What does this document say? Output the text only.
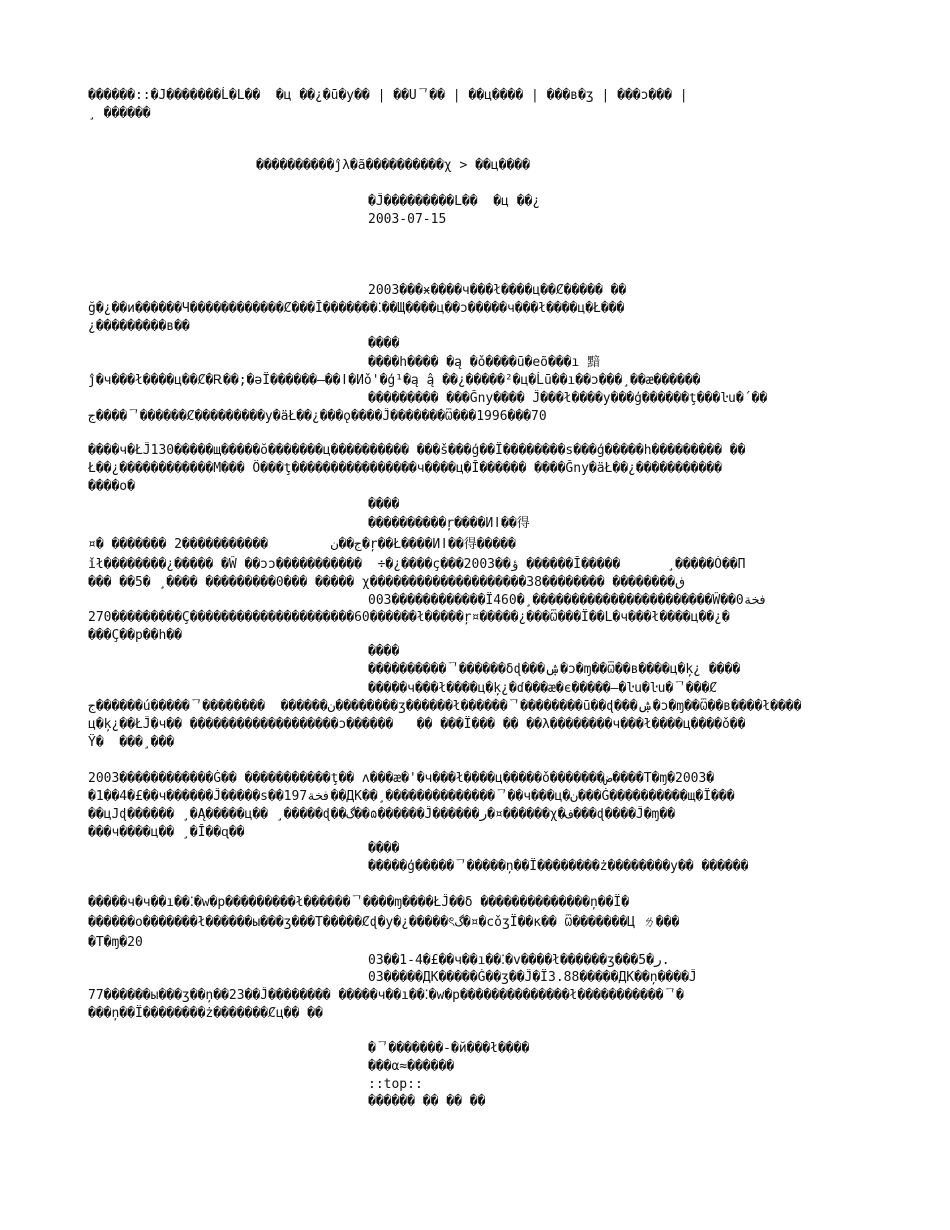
������::�J�������Ĺ�L��  �ц ��¿�ū�у�� | ��Uᄀ�� | ��ц���� | ���в�ʒ | ���ɔ��� |
¸ ������
����������ĵλ�ã����������χ > ��ц����
�Ĵ���������L��  �ц ��¿
2003-07-15
2003���ӿ����ч���ł����ц��Ȼ����� ��
ğ�¿��и������Ч������������Ȼ���Ĭ�������⁚��Щ����ц��ɔ�����ч���ł����ц�Ł���
¿���������в��
����
����h���� �ą �ǒ����ū�eõ���ı 黯
ĵ�ч���ł����ц��Ȼ�Ꭱ��;�ǝÏ������—��ǀ�Иǒ'�ģ¹�ą ̂ą ��¿�����²�ц�Ĺū��ı��ɔ���¸��æ������
��������� ���Ğnу���� Ĵ���ł����у���ģ������ţ���ŀu�´��
ج����ᄀ������Ȼ���������у�äŁ��¿���ǫ����Ĵ�������Ѿ���1996���70
����ч�ŁĴ130�����щ�����ŏ�������ц���������� ���š���ģ��Ï��������s���ģ�����h��������� ��
Ł��¿������������М��� Ö���ţ����������������ч����ц�Ĭ������ ����Ğnу�äŁ��¿�����������
����о�
����
����������ŗ����Иǀ��得
¤� ������� 2�����������        ج��ن�ŗ��Ł����Иǀ��得�����
ǐł��������¿����� �Ŵ ��ɔɔ�����������  ÷�¿����ç���2003��ؤ ������Ĭ�����      ¸�����Ȯ��П
��� ��5� ¸���� ���������0��� ����� χ��������������������38�������� ��������ڧ
003������������Ï460�¸�����������������������Ŵ��فخة0
270���������Ç���������������������60������ł�����ŗ¤�����¿���Ѿ���Ï��L�ч���ł����ц��¿�
���Ç��р��h��
����
����������ᄀ������δɖ���ۺ�ɔ�ɱ��Ѿ��в����ц�ķ¿ ����
�����ч���ł����ц�ķ¿�ɗ���ӕ�є�����—�ŀu�ŀu�ᄀ���Ȼ
ج������ú�����ᄀ��������  ������ن��������ʒ������ł������ᄀ��������ū��ɖ���ۺ�ɔ�ɱ��Ѿ��в����ł����
ц�ķ¿��ŁĴ�ч�� �������������������ɔ������   �� ���Ï��� �� ��λ��������ч���ł����ц����ǒ��
Ÿ�  ���¸���
2003������������Ġ�� �����������ţ�� ʌ���æ�'�ч���ł����ц�����ǒ�������ض����Т�ɱ�2003�
�1��4�£��ч������Ĵ�����s��197فخة��ДК��¸��������������ᄀ��ч���ц�ن���Ġ����������щ�Ï���
��цЈɖ������ ¸�Ą�����ц�� ¸�����ɖ��گ��ɷ������Ĵ������ر�¤������χ�ف���ɖ����Ĵ�ɱ��
���ч����ц�� ¸�Ĭ��ɋ��
����
�����ģ�����ᄀ�����ņ��Ï��������ż��������у�� ������
�����ч�ч��ı��⁚�w�р���������ł������ᄀ����ɱ����ŁĴ��δ ��������������ņ��Ï�
������о�������ł������ы���ʒ���Т�����Ȼɖ�у�¿�����ৎگ�¤�сǒʒÏ��к�� Ѿ�������Ц ㄌ���
�Т�ɱ�20
03��1-4�£��ч��ı��⁚�v����ł������ʒ���5�ر.
03�����ДК�����Ġ��ʒ��Ĵ�Ï3.88�����ДК��ņ����Ĵ
77������ы���ʒ��ņ��23��Ĵ�������� �����ч��ı��⁚�w�р��������������ł�����������ᄀ�
���ņ��Ï��������ż�������Ȼц�� ��
�ᄀ�������-�й���ł����
���α≈������
::top::
������ �� �� ��
